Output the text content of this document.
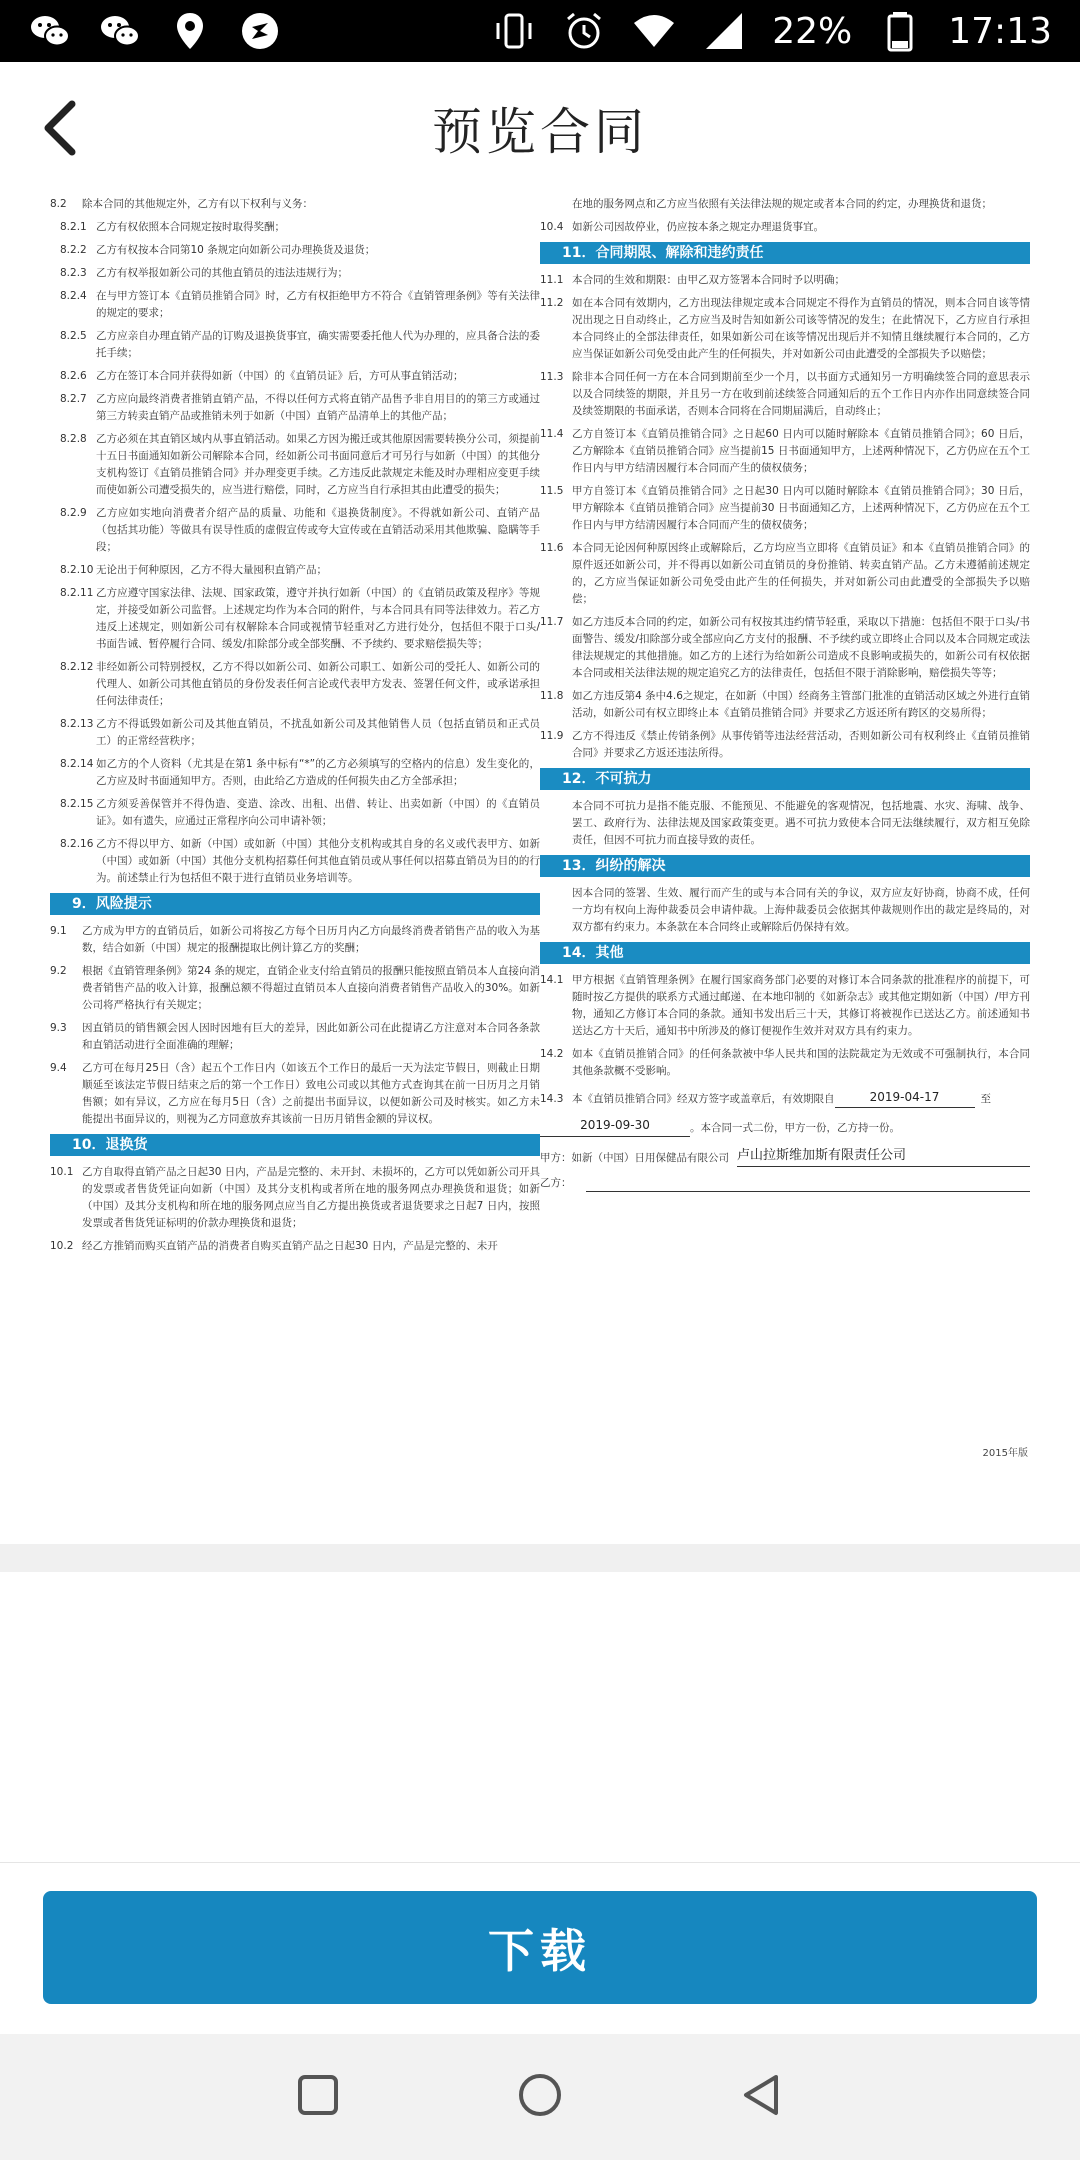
22%	17:13
预览合同
8.2	除本合同的其他规定外，乙方有以下权利与义务：
8.2.1 乙方有权依照本合同规定按时取得奖酬；
8.2.2 乙方有权按本合同第10 条规定向如新公司办理换货及退货；
8.2.3 乙方有权举报如新公司的其他直销员的违法违规行为；
8.2.4 在与甲方签订本《直销员推销合同》时，乙方有权拒绝甲方不符合《直销管理条例》等有关法律的规定的要求；
8.2.5 乙方应亲自办理直销产品的订购及退换货事宜，确实需要委托他人代为办理的，应具备合法的委托手续；
8.2.6 乙方在签订本合同并获得如新（中国）的《直销员证》后，方可从事直销活动；
8.2.7 乙方应向最终消费者推销直销产品，不得以任何方式将直销产品售予非自用目的的第三方或通过第三方转卖直销产品或推销未列于如新（中国）直销产品清单上的其他产品；
8.2.8 乙方必须在其直销区域内从事直销活动。如果乙方因为搬迁或其他原因需要转换分公司，须提前十五日书面通知如新公司解除本合同，经如新公司书面同意后才可另行与如新（中国）的其他分支机构签订《直销员推销合同》并办理变更手续。乙方违反此款规定未能及时办理相应变更手续而使如新公司遭受损失的，应当进行赔偿，同时，乙方应当自行承担其由此遭受的损失；
8.2.9 乙方应如实地向消费者介绍产品的质量、功能和《退换货制度》。不得就如新公司、直销产品（包括其功能）等做具有误导性质的虚假宣传或夸大宣传或在直销活动采用其他欺骗、隐瞒等手段；
8.2.10 无论出于何种原因，乙方不得大量囤积直销产品；
8.2.11 乙方应遵守国家法律、法规、国家政策，遵守并执行如新（中国）的《直销员政策及程序》等规定，并接受如新公司监督。上述规定均作为本合同的附件，与本合同具有同等法律效力。若乙方违反上述规定，则如新公司有权解除本合同或视情节轻重对乙方进行处分，包括但不限于口头/书面告诫、暂停履行合同、缓发/扣除部分或全部奖酬、不予续约、要求赔偿损失等；
8.2.12 非经如新公司特别授权，乙方不得以如新公司、如新公司职工、如新公司的受托人、如新公司的代理人、如新公司其他直销员的身份发表任何言论或代表甲方发表、签署任何文件，或承诺承担任何法律责任；
8.2.13 乙方不得诋毁如新公司及其他直销员，不扰乱如新公司及其他销售人员（包括直销员和正式员工）的正常经营秩序；
8.2.14 如乙方的个人资料（尤其是在第1 条中标有“*”的乙方必须填写的空格内的信息）发生变化的，乙方应及时书面通知甲方。否则，由此给乙方造成的任何损失由乙方全部承担；
8.2.15 乙方须妥善保管并不得伪造、变造、涂改、出租、出借、转让、出卖如新（中国）的《直销员证》。如有遗失，应通过正常程序向公司申请补领；
8.2.16 乙方不得以甲方、如新（中国）或如新（中国）其他分支机构或其自身的名义或代表甲方、如新（中国）或如新（中国）其他分支机构招募任何其他直销员或从事任何以招募直销员为目的的行为。前述禁止行为包括但不限于进行直销员业务培训等。
9．风险提示
9.1	乙方成为甲方的直销员后，如新公司将按乙方每个日历月内乙方向最终消费者销售产品的收入为基数，结合如新（中国）规定的报酬提取比例计算乙方的奖酬；
9.2	根据《直销管理条例》第24 条的规定，直销企业支付给直销员的报酬只能按照直销员本人直接向消费者销售产品的收入计算，报酬总额不得超过直销员本人直接向消费者销售产品收入的30%。如新公司将严格执行有关规定；
9.3	因直销员的销售额会因人因时因地有巨大的差异，因此如新公司在此提请乙方注意对本合同各条款和直销活动进行全面准确的理解；
9.4	乙方可在每月25日（含）起五个工作日内（如该五个工作日的最后一天为法定节假日，则截止日期顺延至该法定节假日结束之后的第一个工作日）致电公司或以其他方式查询其在前一日历月之月销售额；如有异议，乙方应在每月5日（含）之前提出书面异议，以便如新公司及时核实。如乙方未能提出书面异议的，则视为乙方同意放弃其该前一日历月销售金额的异议权。
10．退换货
10.1 乙方自取得直销产品之日起30 日内，产品是完整的、未开封、未损坏的，乙方可以凭如新公司开具的发票或者售货凭证向如新（中国）及其分支机构或者所在地的服务网点办理换货和退货；如新（中国）及其分支机构和所在地的服务网点应当自乙方提出换货或者退货要求之日起7 日内，按照发票或者售货凭证标明的价款办理换货和退货；
10.2 经乙方推销而购买直销产品的消费者自购买直销产品之日起30 日内，产品是完整的、未开
在地的服务网点和乙方应当依照有关法律法规的规定或者本合同的约定，办理换货和退货；
10.4 如新公司因故停业，仍应按本条之规定办理退货事宜。
11．合同期限、解除和违约责任
11.1 本合同的生效和期限：由甲乙双方签署本合同时予以明确；
11.2 如在本合同有效期内，乙方出现法律规定或本合同规定不得作为直销员的情况，则本合同自该等情况出现之日自动终止，乙方应当及时告知如新公司该等情况的发生；在此情况下，乙方应自行承担本合同终止的全部法律责任，如果如新公司在该等情况出现后并不知情且继续履行本合同的，乙方应当保证如新公司免受由此产生的任何损失，并对如新公司由此遭受的全部损失予以赔偿；
11.3 除非本合同任何一方在本合同到期前至少一个月，以书面方式通知另一方明确续签合同的意思表示以及合同续签的期限，并且另一方在收到前述续签合同通知后的五个工作日内亦作出同意续签合同及续签期限的书面承诺，否则本合同将在合同期届满后，自动终止；
11.4 乙方自签订本《直销员推销合同》之日起60 日内可以随时解除本《直销员推销合同》；60 日后，乙方解除本《直销员推销合同》应当提前15 日书面通知甲方，上述两种情况下，乙方仍应在五个工作日内与甲方结清因履行本合同而产生的债权债务；
11.5 甲方自签订本《直销员推销合同》之日起30 日内可以随时解除本《直销员推销合同》；30 日后，甲方解除本《直销员推销合同》应当提前30 日书面通知乙方，上述两种情况下，乙方仍应在五个工作日内与甲方结清因履行本合同而产生的债权债务；
11.6 本合同无论因何种原因终止或解除后，乙方均应当立即将《直销员证》和本《直销员推销合同》的原件返还如新公司，并不得再以如新公司直销员的身份推销、转卖直销产品。乙方未遵循前述规定的，乙方应当保证如新公司免受由此产生的任何损失，并对如新公司由此遭受的全部损失予以赔偿；
11.7 如乙方违反本合同的约定，如新公司有权按其违约情节轻重，采取以下措施：包括但不限于口头/书面警告、缓发/扣除部分或全部应向乙方支付的报酬、不予续约或立即终止合同以及本合同规定或法律法规规定的其他措施。如乙方的上述行为给如新公司造成不良影响或损失的，如新公司有权依据本合同或相关法律法规的规定追究乙方的法律责任，包括但不限于消除影响，赔偿损失等等；
11.8 如乙方违反第4 条中4.6之规定，在如新（中国）经商务主管部门批准的直销活动区域之外进行直销活动，如新公司有权立即终止本《直销员推销合同》并要求乙方返还所有跨区的交易所得；
11.9 乙方不得违反《禁止传销条例》从事传销等违法经营活动，否则如新公司有权利终止《直销员推销合同》并要求乙方返还违法所得。
12．不可抗力
本合同不可抗力是指不能克服、不能预见、不能避免的客观情况，包括地震、水灾、海啸、战争、罢工、政府行为、法律法规及国家政策变更。遇不可抗力致使本合同无法继续履行，双方相互免除责任，但因不可抗力而直接导致的责任。
13．纠纷的解决
因本合同的签署、生效、履行而产生的或与本合同有关的争议，双方应友好协商，协商不成，任何一方均有权向上海仲裁委员会申请仲裁。上海仲裁委员会依据其仲裁规则作出的裁定是终局的，对双方都有约束力。本条款在本合同终止或解除后仍保持有效。
14．其他
14.1 甲方根据《直销管理条例》在履行国家商务部门必要的对修订本合同条款的批准程序的前提下，可随时按乙方提供的联系方式通过邮递、在本地印制的《如新杂志》或其他定期如新（中国）/甲方刊物，通知乙方修订本合同的条款。通知书发出后三十天，其修订将被视作已送达乙方。前述通知书送达乙方十天后，通知书中所涉及的修订便视作生效并对双方具有约束力。
14.2 如本《直销员推销合同》的任何条款被中华人民共和国的法院裁定为无效或不可强制执行，本合同其他条款概不受影响。
14.3 本《直销员推销合同》经双方签字或盖章后，有效期限自	2019-04-17	至
2019-09-30	。本合同一式二份，甲方一份，乙方持一份。
甲方：如新（中国）日用保健品有限公司 卢山拉斯维加斯有限责任公司
乙方：
2015年版
下载
